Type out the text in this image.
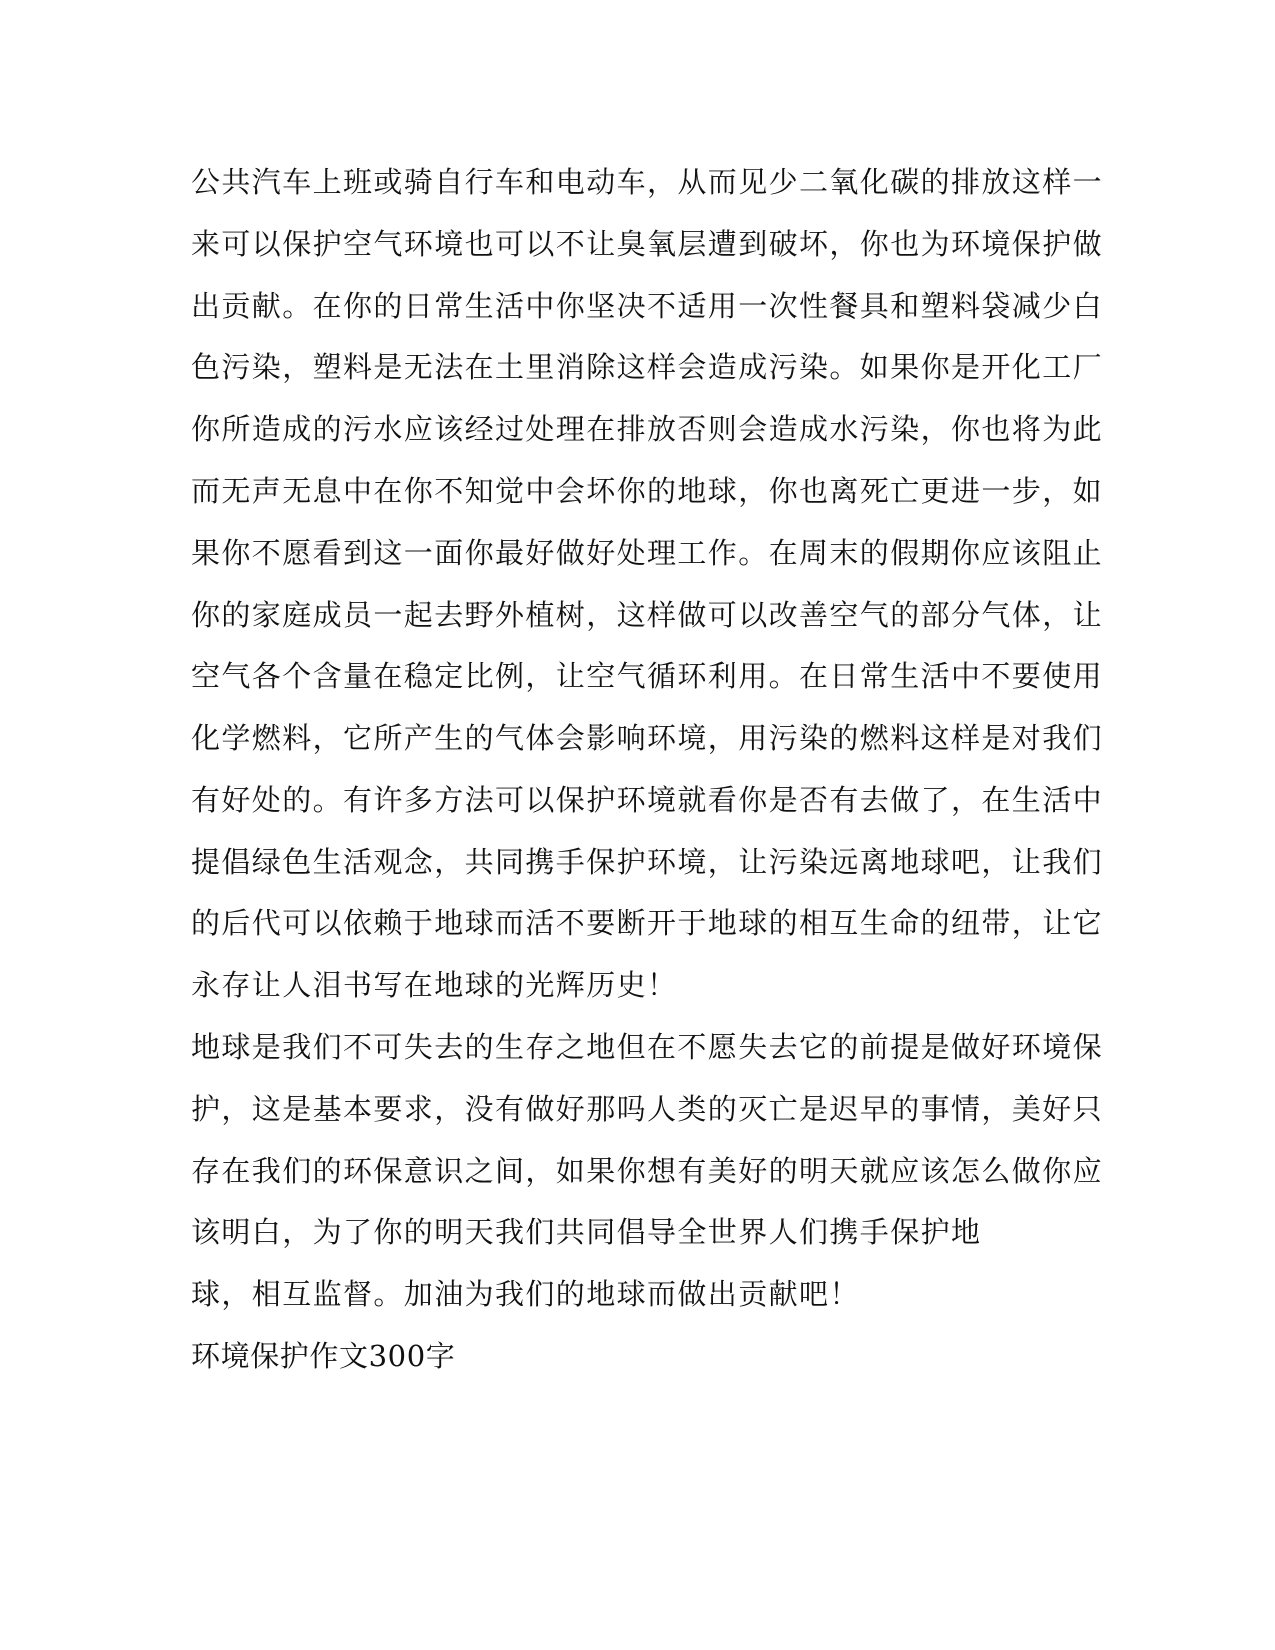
公共汽车上班或骑自行车和电动车，从而见少二氧化碳的排放这样一
来可以保护空气环境也可以不让臭氧层遭到破坏，你也为环境保护做
出贡献。在你的日常生活中你坚决不适用一次性餐具和塑料袋减少白
色污染，塑料是无法在土里消除这样会造成污染。如果你是开化工厂
你所造成的污水应该经过处理在排放否则会造成水污染，你也将为此
而无声无息中在你不知觉中会坏你的地球，你也离死亡更进一步，如
果你不愿看到这一面你最好做好处理工作。在周末的假期你应该阻止
你的家庭成员一起去野外植树，这样做可以改善空气的部分气体，让
空气各个含量在稳定比例，让空气循环利用。在日常生活中不要使用
化学燃料，它所产生的气体会影响环境，用污染的燃料这样是对我们
有好处的。有许多方法可以保护环境就看你是否有去做了，在生活中
提倡绿色生活观念，共同携手保护环境，让污染远离地球吧，让我们
的后代可以依赖于地球而活不要断开于地球的相互生命的纽带，让它
永存让人泪书写在地球的光辉历史！
地球是我们不可失去的生存之地但在不愿失去它的前提是做好环境保
护，这是基本要求，没有做好那吗人类的灭亡是迟早的事情，美好只
存在我们的环保意识之间，如果你想有美好的明天就应该怎么做你应
该明白，为了你的明天我们共同倡导全世界人们携手保护地
球，相互监督。加油为我们的地球而做出贡献吧！
环境保护作文300字
